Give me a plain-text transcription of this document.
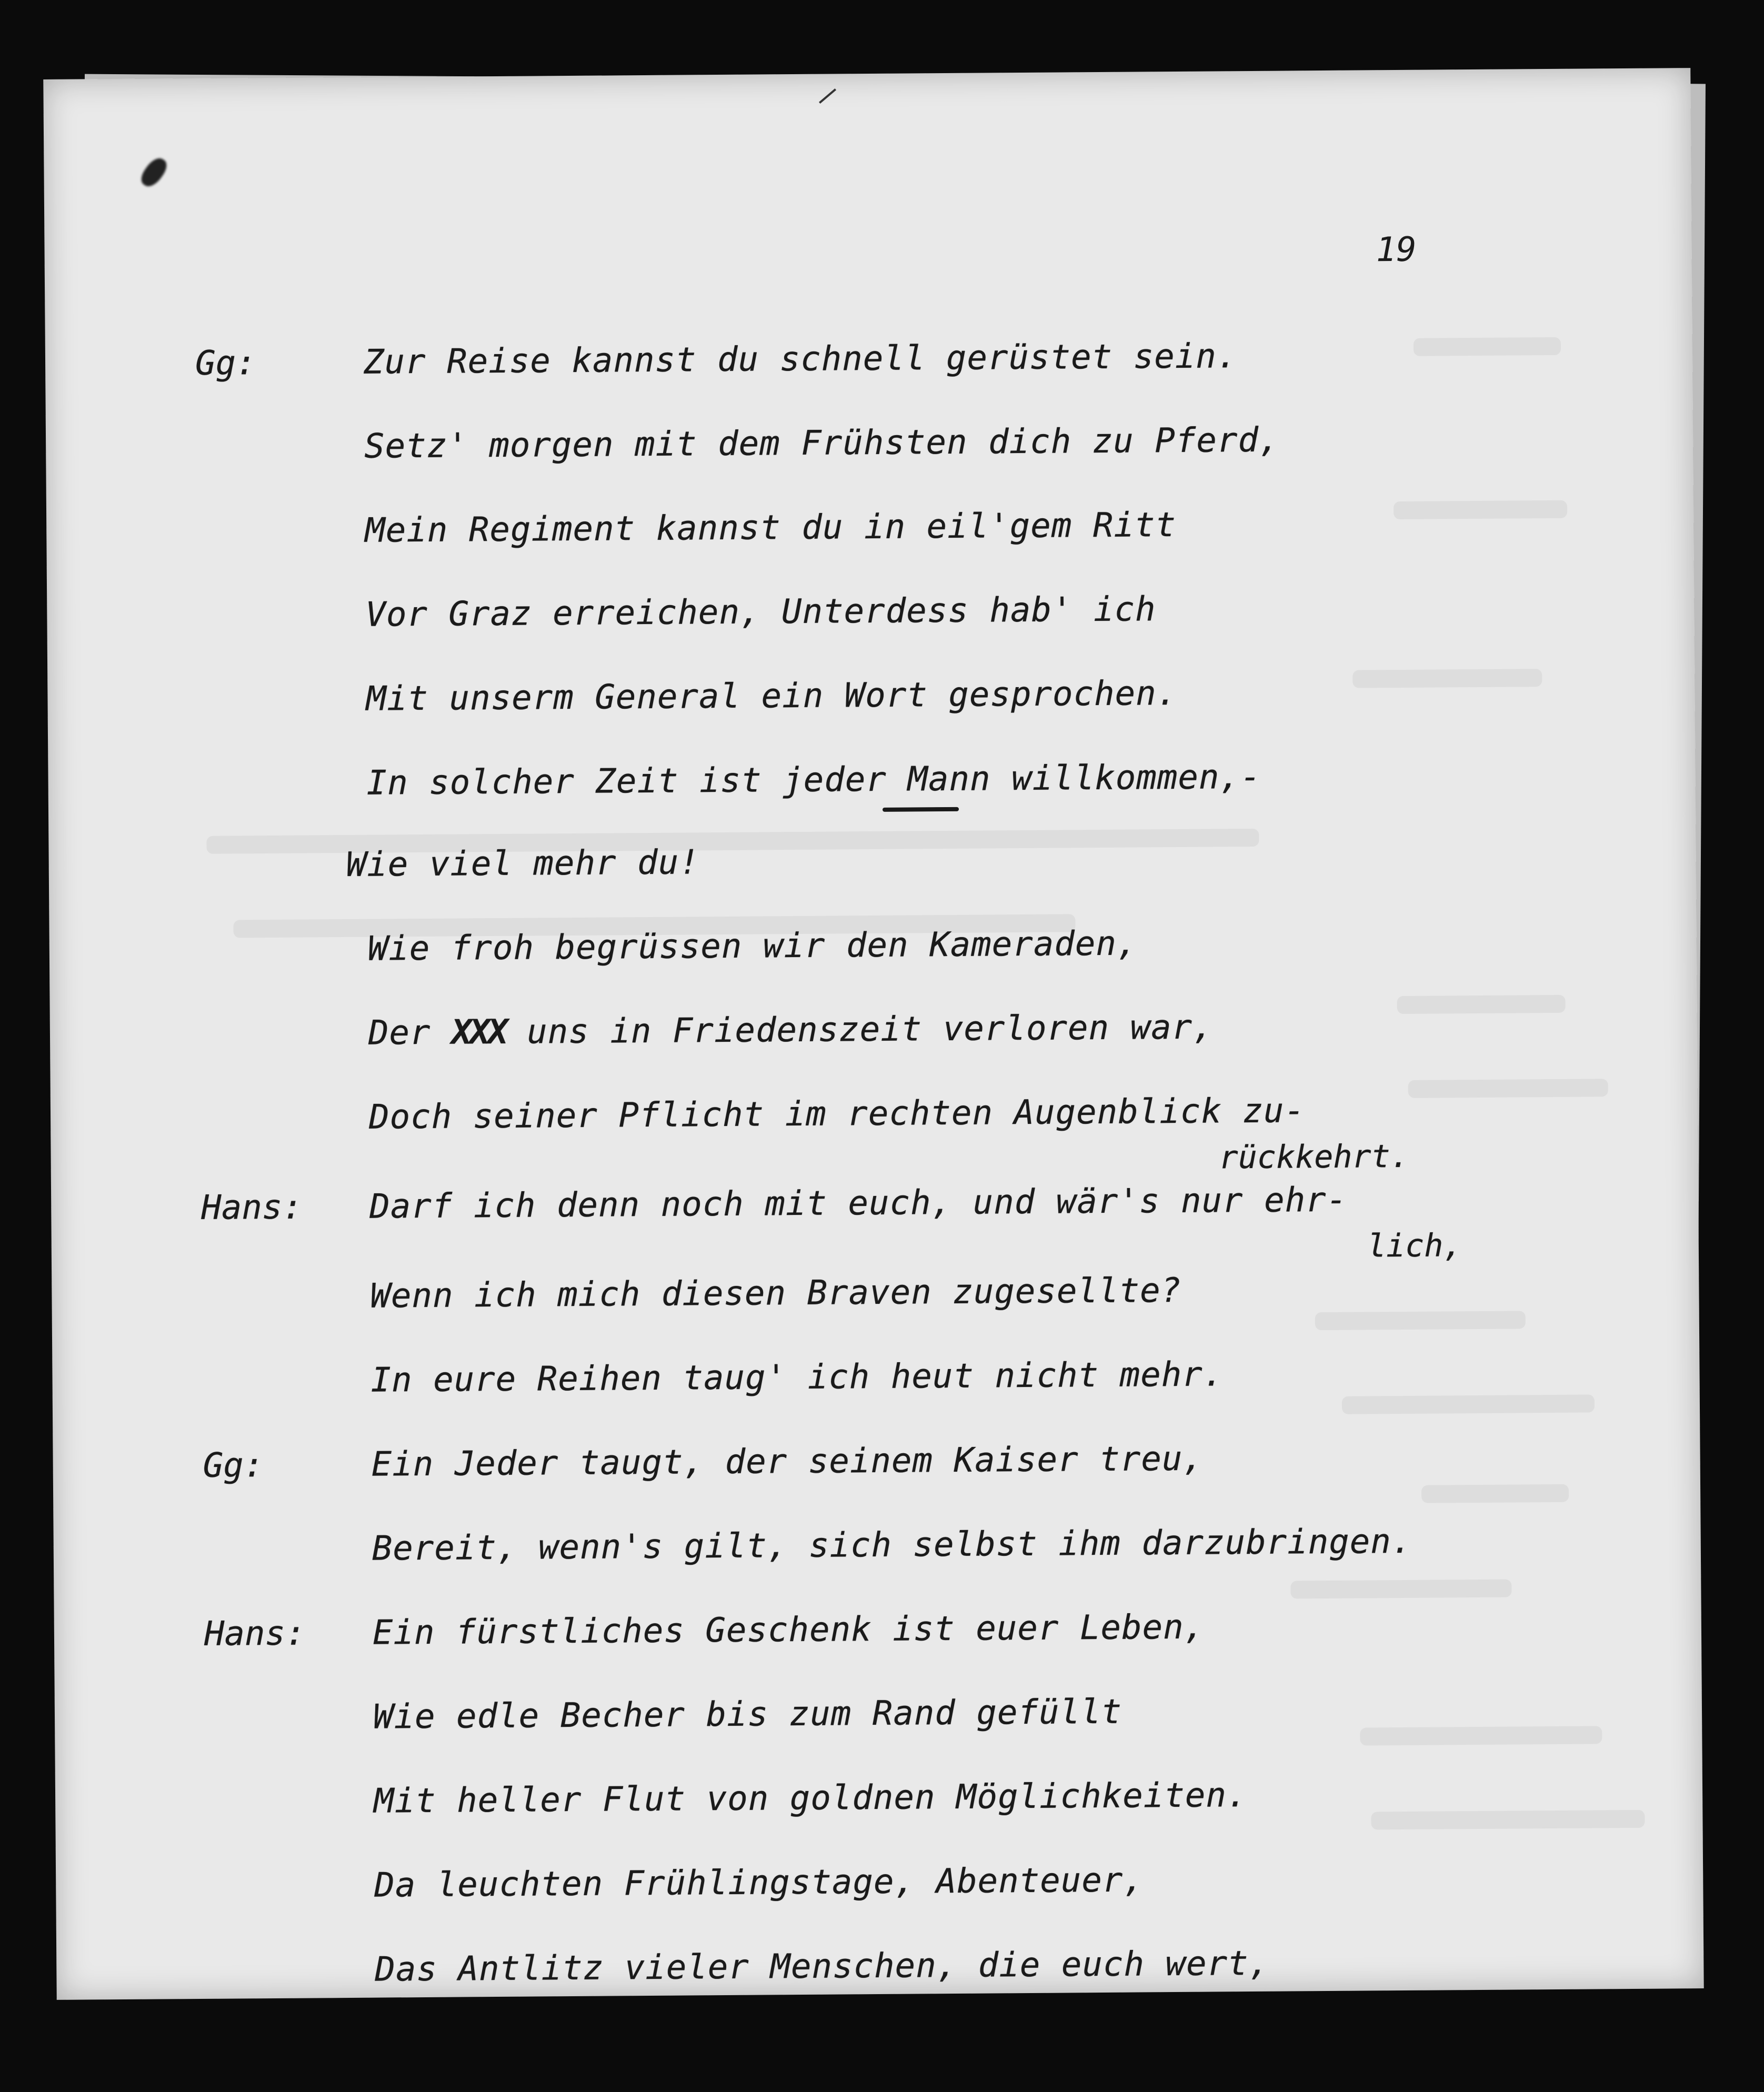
19
Gg:	Zur Reise kannst du schnell gerüstet sein.
Setz' morgen mit dem Frühsten dich zu Pferd,
Mein Regiment kannst du in eil'gem Ritt
Vor Graz erreichen, Unterdess hab' ich
Mit unserm General ein Wort gesprochen.
In solcher Zeit ist jeder Mann willkommen,-
Wie viel mehr du!
Wie froh begrüssen wir den Kameraden,
Der XXX uns in Friedenszeit verloren war,
Doch seiner Pflicht im rechten Augenblick zu-
rückkehrt.
Hans: Darf ich denn noch mit euch, und wär's nur ehr-
lich,
Wenn ich mich diesen Braven zugesellte?
In eure Reihen taug' ich heut nicht mehr.
Gg:	Ein Jeder taugt, der seinem Kaiser treu,
Bereit, wenn's gilt, sich selbst ihm darzubringen.
Hans: Ein fürstliches Geschenk ist euer Leben,
Wie edle Becher bis zum Rand gefüllt
Mit heller Flut von goldnen Möglichkeiten.
Da leuchten Frühlingstage, Abenteuer,
Das Antlitz vieler Menschen, die euch wert,
